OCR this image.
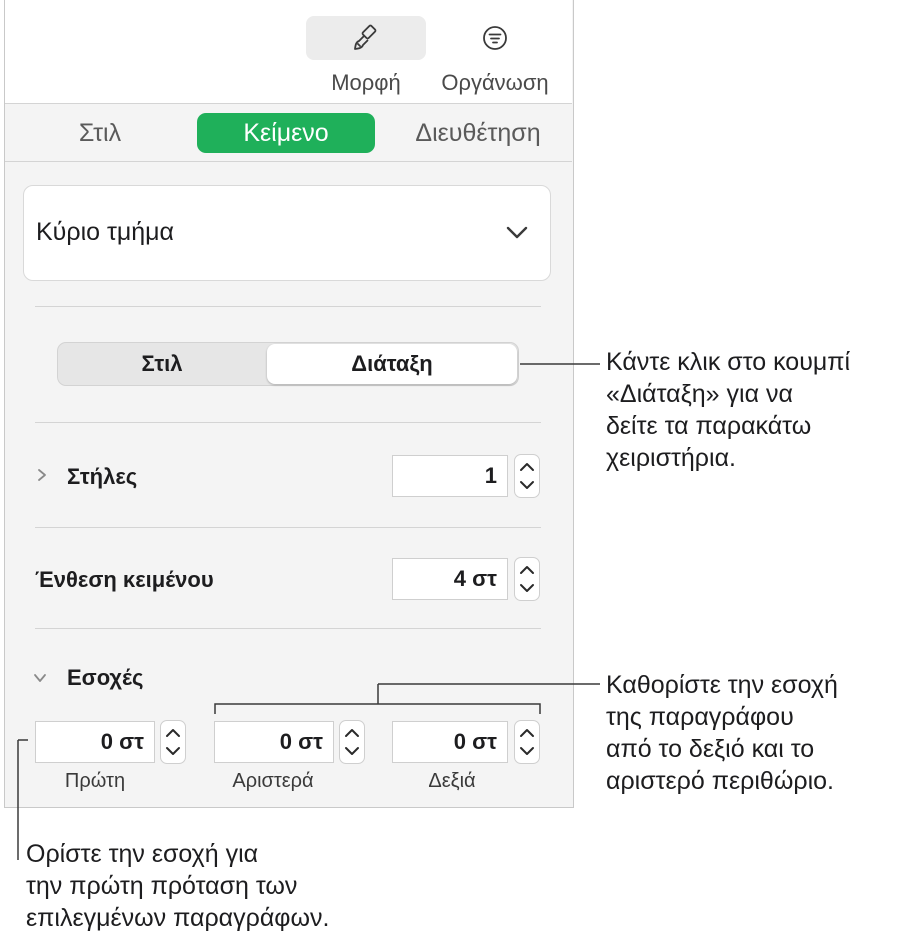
Μορφή	Οργάνωση
Στιλ	Κείμενο	Διευθέτηση
Κύριο τμήμα
Στιλ	Διάταξη
Στήλες	1
Ένθεση κειμένου	4 στ
Εσοχές
0 στ
Πρώτη
0 στ
Αριστερά
0 στ
Δεξιά
Κάντε κλικ στο κουμπί
«Διάταξη» για να
δείτε τα παρακάτω
χειριστήρια.
Καθορίστε την εσοχή
της παραγράφου
από το δεξιό και το
αριστερό περιθώριο.
Ορίστε την εσοχή για
την πρώτη πρόταση των
επιλεγμένων παραγράφων.
